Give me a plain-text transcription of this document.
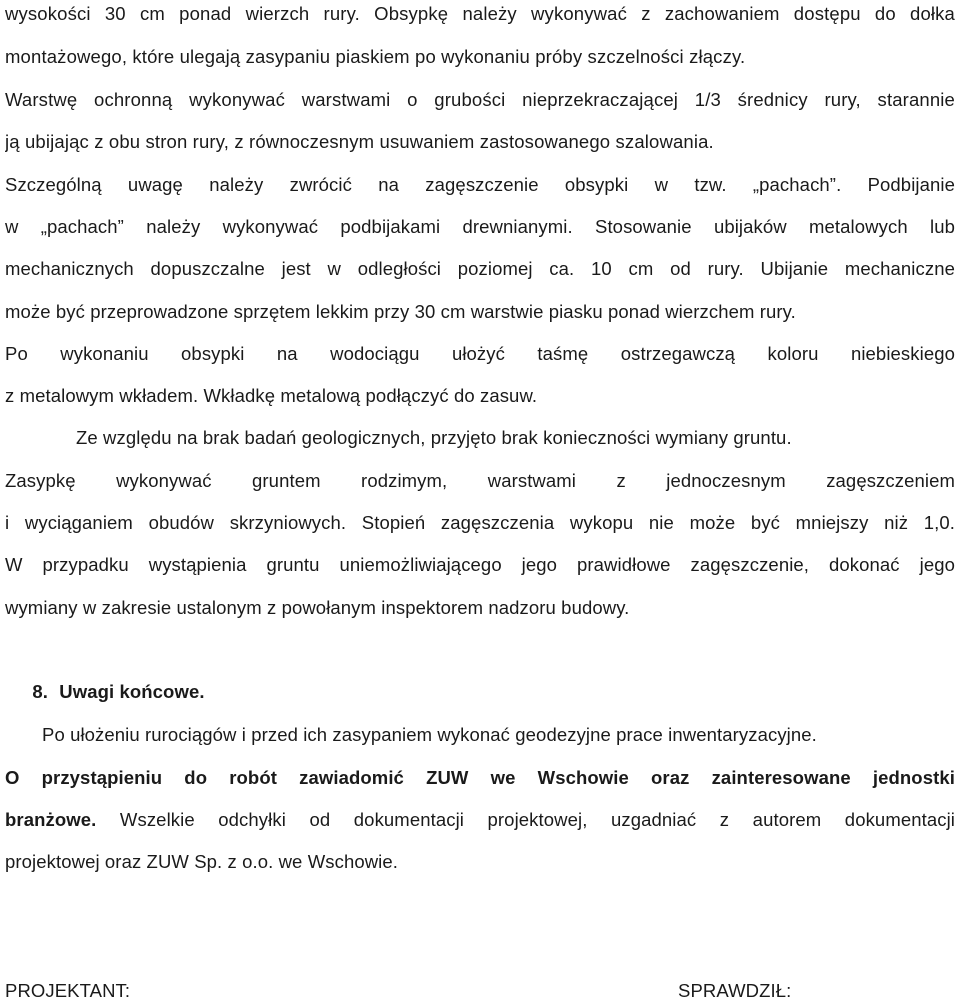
wysokości 30 cm ponad wierzch rury. Obsypkę należy wykonywać z zachowaniem dostępu do dołka
montażowego, które ulegają zasypaniu piaskiem po wykonaniu próby szczelności złączy.
Warstwę ochronną wykonywać warstwami o grubości nieprzekraczającej 1/3 średnicy rury, starannie
ją ubijając z obu stron rury, z równoczesnym usuwaniem zastosowanego szalowania.
Szczególną uwagę należy zwrócić na zagęszczenie obsypki w tzw. „pachach”. Podbijanie
w „pachach” należy wykonywać podbijakami drewnianymi. Stosowanie ubijaków metalowych lub
mechanicznych dopuszczalne jest w odległości poziomej ca. 10 cm od rury. Ubijanie mechaniczne
może być przeprowadzone sprzętem lekkim przy 30 cm warstwie piasku ponad wierzchem rury.
Po wykonaniu obsypki na wodociągu ułożyć taśmę ostrzegawczą koloru niebieskiego
z metalowym wkładem. Wkładkę metalową podłączyć do zasuw.
Ze względu na brak badań geologicznych, przyjęto brak konieczności wymiany gruntu.
Zasypkę wykonywać gruntem rodzimym, warstwami z jednoczesnym zagęszczeniem
i wyciąganiem obudów skrzyniowych. Stopień zagęszczenia wykopu nie może być mniejszy niż 1,0.
W przypadku wystąpienia gruntu uniemożliwiającego jego prawidłowe zagęszczenie, dokonać jego
wymiany w zakresie ustalonym z powołanym inspektorem nadzoru budowy.
8. Uwagi końcowe.
Po ułożeniu rurociągów i przed ich zasypaniem wykonać geodezyjne prace inwentaryzacyjne.
O przystąpieniu do robót zawiadomić ZUW we Wschowie oraz zainteresowane jednostki
branżowe. Wszelkie odchyłki od dokumentacji projektowej, uzgadniać z autorem dokumentacji
projektowej oraz ZUW Sp. z o.o. we Wschowie.
PROJEKTANT:	SPRAWDZIŁ:
